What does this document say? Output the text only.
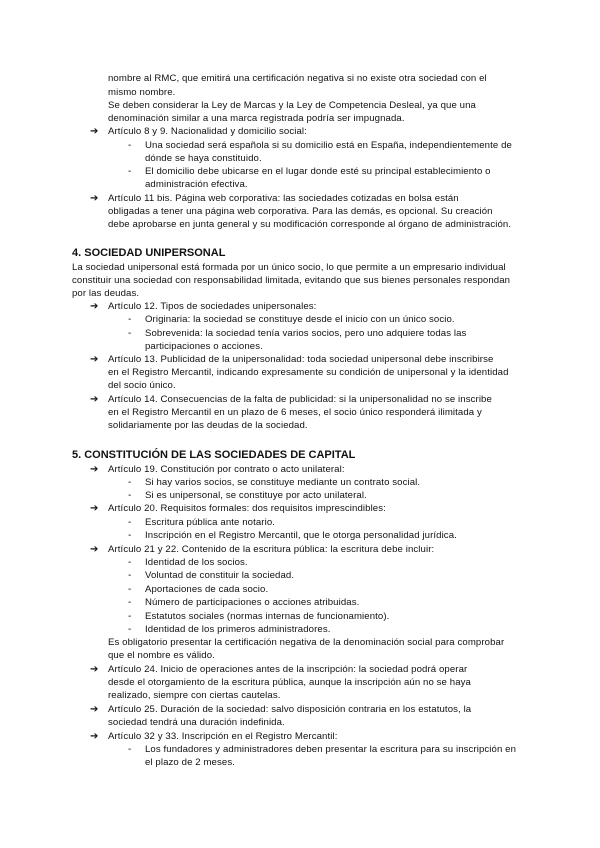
nombre al RMC, que emitirá una certificación negativa si no existe otra sociedad con el
mismo nombre.
Se deben considerar la Ley de Marcas y la Ley de Competencia Desleal, ya que una
denominación similar a una marca registrada podría ser impugnada.
➔ Artículo 8 y 9. Nacionalidad y domicilio social:
- Una sociedad será española si su domicilio está en España, independientemente de
dónde se haya constituido.
- El domicilio debe ubicarse en el lugar donde esté su principal establecimiento o
administración efectiva.
➔ Artículo 11 bis. Página web corporativa: las sociedades cotizadas en bolsa están
obligadas a tener una página web corporativa. Para las demás, es opcional. Su creación
debe aprobarse en junta general y su modificación corresponde al órgano de administración.
4. SOCIEDAD UNIPERSONAL
La sociedad unipersonal está formada por un único socio, lo que permite a un empresario individual
constituir una sociedad con responsabilidad limitada, evitando que sus bienes personales respondan
por las deudas.
➔ Artículo 12. Tipos de sociedades unipersonales:
- Originaria: la sociedad se constituye desde el inicio con un único socio.
- Sobrevenida: la sociedad tenía varios socios, pero uno adquiere todas las
participaciones o acciones.
➔ Artículo 13. Publicidad de la unipersonalidad: toda sociedad unipersonal debe inscribirse
en el Registro Mercantil, indicando expresamente su condición de unipersonal y la identidad
del socio único.
➔ Artículo 14. Consecuencias de la falta de publicidad: si la unipersonalidad no se inscribe
en el Registro Mercantil en un plazo de 6 meses, el socio único responderá ilimitada y
solidariamente por las deudas de la sociedad.
5. CONSTITUCIÓN DE LAS SOCIEDADES DE CAPITAL
➔ Artículo 19. Constitución por contrato o acto unilateral:
- Si hay varios socios, se constituye mediante un contrato social.
- Si es unipersonal, se constituye por acto unilateral.
➔ Artículo 20. Requisitos formales: dos requisitos imprescindibles:
- Escritura pública ante notario.
- Inscripción en el Registro Mercantil, que le otorga personalidad jurídica.
➔ Artículo 21 y 22. Contenido de la escritura pública: la escritura debe incluir:
- Identidad de los socios.
- Voluntad de constituir la sociedad.
- Aportaciones de cada socio.
- Número de participaciones o acciones atribuidas.
- Estatutos sociales (normas internas de funcionamiento).
- Identidad de los primeros administradores.
Es obligatorio presentar la certificación negativa de la denominación social para comprobar
que el nombre es válido.
➔ Artículo 24. Inicio de operaciones antes de la inscripción: la sociedad podrá operar
desde el otorgamiento de la escritura pública, aunque la inscripción aún no se haya
realizado, siempre con ciertas cautelas.
➔ Artículo 25. Duración de la sociedad: salvo disposición contraria en los estatutos, la
sociedad tendrá una duración indefinida.
➔ Artículo 32 y 33. Inscripción en el Registro Mercantil:
- Los fundadores y administradores deben presentar la escritura para su inscripción en
el plazo de 2 meses.
